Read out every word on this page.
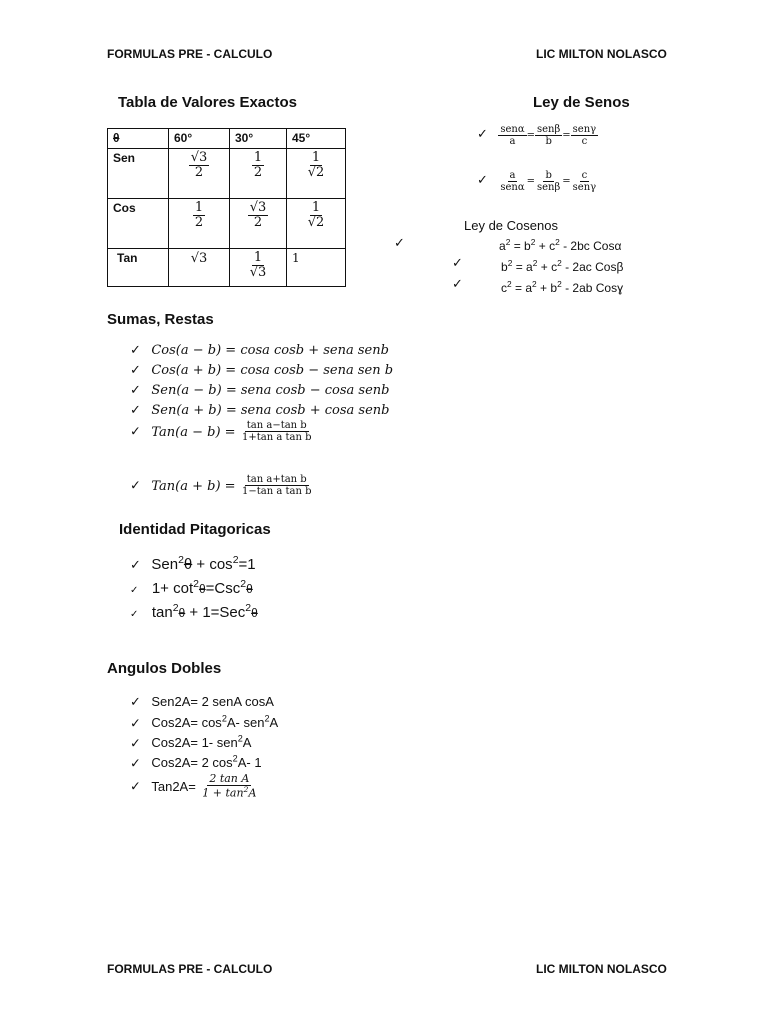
FORMULAS PRE - CALCULO	LIC MILTON NOLASCO
Tabla de Valores Exactos
θ	60°	30°	45°
Sen	$\frac{√3}{2}$	$\frac{1}{2}$	$\frac{1}{√2}$

Cos	$\frac{1}{2}$	$\frac{√3}{2}$	$\frac{1}{√2}$

Tan	√3	$\frac{1}{√3}$	1
Ley de Senos
✓ $\frac{\text{senα}}{a} = \frac{\text{senβ}}{b} = \frac{\text{senγ}}{c}$
✓ $\frac{a}{\text{senα}} = \frac{b}{\text{senβ}} = \frac{c}{\text{senγ}}$
Ley de Cosenos
✓	$a^2 = b^2 + c^2 - 2bc$ Cosα
✓	$b^2 = a^2 + c^2 - 2ac$ Cosβ
✓	$c^2 = a^2 + b^2 - 2ab$ Cosɣ
Sumas, Restas
✓ Cos(a − b) = cosa cosb + sena senb
✓ Cos(a + b) = cosa cosb − sena sen b
✓ Sen(a − b) = sena cosb − cosa senb
✓ Sen(a + b) = sena cosb + cosa senb
✓ $Tan(a - b) = \frac{\text{tan a−tan b}}{\text{1+tan a tan b}}$
✓ $Tan(a + b) = \frac{\text{tan a+tan b}}{\text{1−tan a tan b}}$
Identidad Pitagoricas
✓ $Sen^2\theta + \cos^2=1$
✓ $1+ \cot^2\theta=Csc^2\theta$
✓ $\tan^2\theta + 1=Sec^2\theta$
Angulos Dobles
✓ Sen2A= 2 senA cosA
✓ $Cos2A= \cos^2A-$ sen$^2$A
✓ Cos2A= 1- sen$^2$A
✓ Cos2A= 2 $\cos^2A-$ 1
✓ $Tan2A= \frac{\text{2 tan A}}{1 + \tan^2A}$
FORMULAS PRE - CALCULO	LIC MILTON NOLASCO
